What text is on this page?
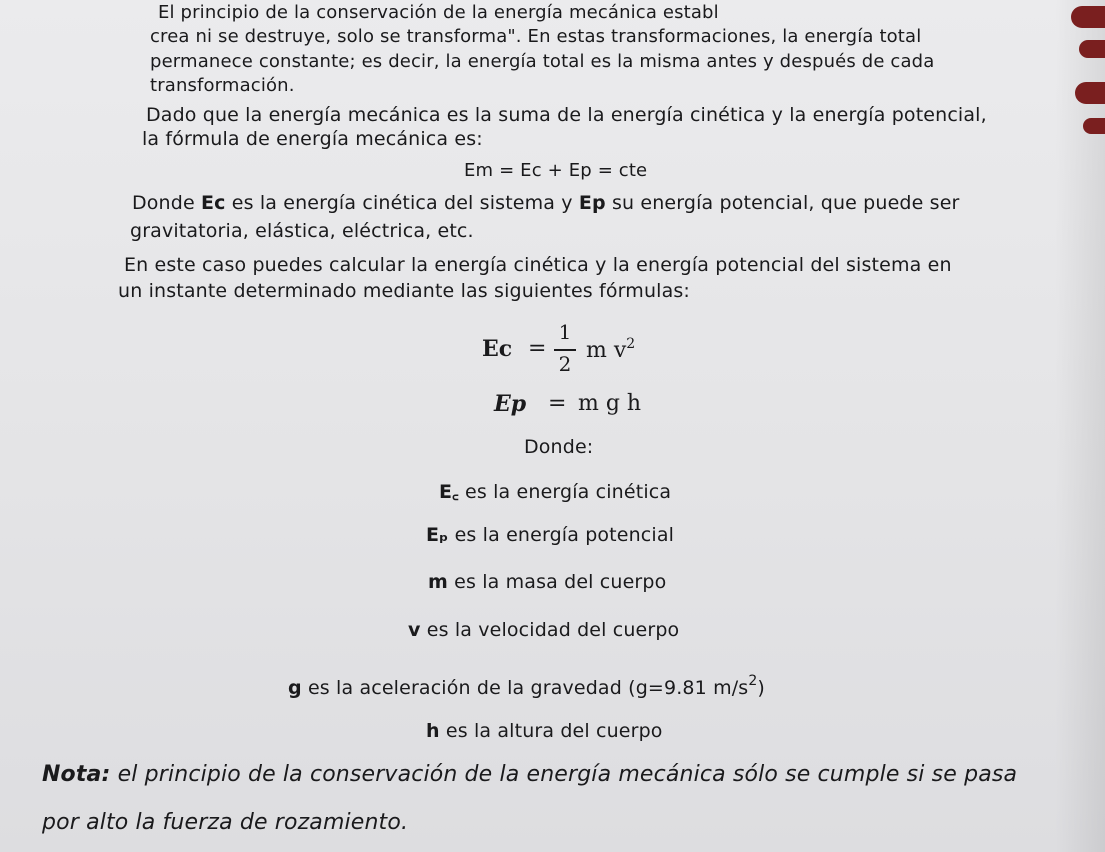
El principio de la conservación de la energía mecánica establ
crea ni se destruye, solo se transforma". En estas transformaciones, la energía total
permanece constante; es decir, la energía total es la misma antes y después de cada
transformación.
Dado que la energía mecánica es la suma de la energía cinética y la energía potencial,
la fórmula de energía mecánica es:
Em = Ec + Ep = cte
Donde Ec es la energía cinética del sistema y Ep su energía potencial, que puede ser
gravitatoria, elástica, eléctrica, etc.
En este caso puedes calcular la energía cinética y la energía potencial del sistema en
un instante determinado mediante las siguientes fórmulas:
Ec =
1
2
m $v^2$
Ep = m g h
Donde:
E꜀ es la energía cinética
Eₚ es la energía potencial
m es la masa del cuerpo
v es la velocidad del cuerpo
g es la aceleración de la gravedad (g=9.81 $m/s^2$)
h es la altura del cuerpo
Nota: el principio de la conservación de la energía mecánica sólo se cumple si se pasa
por alto la fuerza de rozamiento.
